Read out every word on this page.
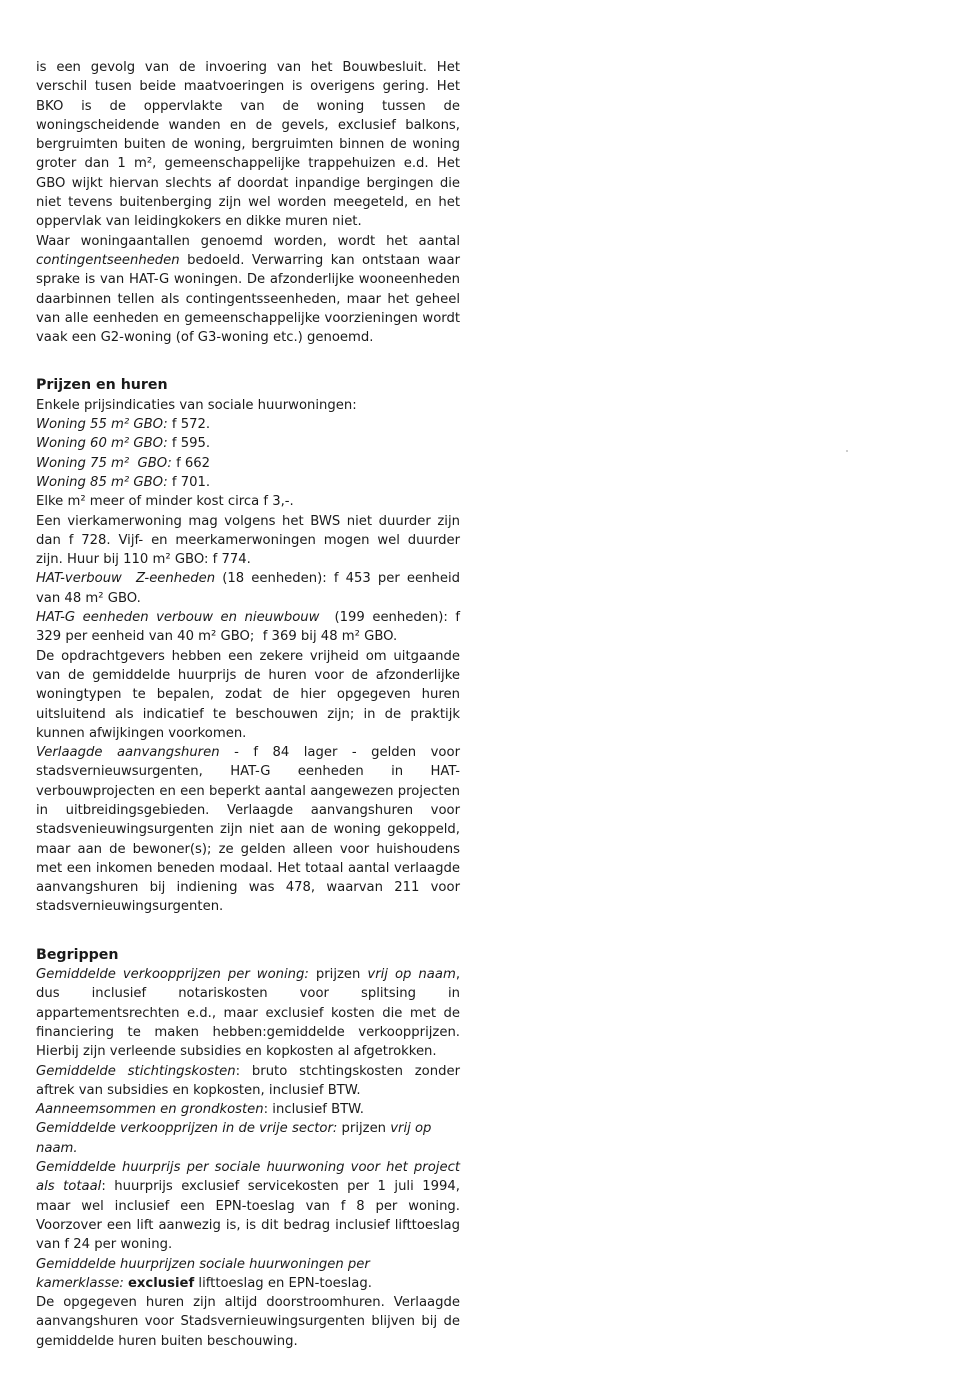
is een gevolg van de invoering van het Bouwbesluit. Het verschil tusen beide maatvoeringen is overigens gering. Het BKO is de oppervlakte van de woning tussen de woningscheidende wanden en de gevels, exclusief balkons, bergruimten buiten de woning, bergruimten binnen de woning groter dan 1 m², gemeenschappelijke trappehuizen e.d. Het GBO wijkt hiervan slechts af doordat inpandige bergingen die niet tevens buitenberging zijn wel worden meegeteld, en het oppervlak van leidingkokers en dikke muren niet.

Waar woningaantallen genoemd worden, wordt het aantal contingentseenheden bedoeld. Verwarring kan ontstaan waar sprake is van HAT-G woningen. De afzonderlijke wooneenheden daarbinnen tellen als contingentsseenheden, maar het geheel van alle eenheden en gemeenschappelijke voorzieningen wordt vaak een G2-woning (of G3-woning etc.) genoemd.

Prijzen en huren

Enkele prijsindicaties van sociale huurwoningen:

Woning 55 m² GBO: f 572.

Woning 60 m² GBO: f 595.

Woning 75 m²  GBO: f 662

Woning 85 m² GBO: f 701.

Elke m² meer of minder kost circa f 3,-.

Een vierkamerwoning mag volgens het BWS niet duurder zijn dan f 728. Vijf- en meerkamerwoningen mogen wel duurder zijn. Huur bij 110 m² GBO: f 774.

HAT-verbouw  Z-eenheden (18 eenheden): f 453 per eenheid van 48 m² GBO.

HAT-G eenheden verbouw en nieuwbouw  (199 eenheden): f 329 per eenheid van 40 m² GBO;  f 369 bij 48 m² GBO.

De opdrachtgevers hebben een zekere vrijheid om uitgaande van de gemiddelde huurprijs de huren voor de afzonderlijke woningtypen te bepalen, zodat de hier opgegeven huren uitsluitend als indicatief te beschouwen zijn; in de praktijk kunnen afwijkingen voorkomen.

Verlaagde aanvangshuren - f 84 lager - gelden voor stadsvernieuwsurgenten, HAT-G eenheden in HAT-verbouwprojecten en een beperkt aantal aangewezen projecten in uitbreidingsgebieden. Verlaagde aanvangshuren voor stadsvenieuwingsurgenten zijn niet aan de woning gekoppeld, maar aan de bewoner(s); ze gelden alleen voor huishoudens met een inkomen beneden modaal. Het totaal aantal verlaagde aanvangshuren bij indiening was 478, waarvan 211 voor stadsvernieuwingsurgenten.

Begrippen

Gemiddelde verkoopprijzen per woning: prijzen vrij op naam, dus inclusief notariskosten voor splitsing in appartementsrechten e.d., maar exclusief kosten die met de financiering te maken hebben:gemiddelde verkoopprijzen. Hierbij zijn verleende subsidies en kopkosten al afgetrokken.

Gemiddelde stichtingskosten: bruto stchtingskosten zonder aftrek van subsidies en kopkosten, inclusief BTW.

Aanneemsommen en grondkosten: inclusief BTW.

Gemiddelde verkoopprijzen in de vrije sector: prijzen vrij op naam.

Gemiddelde huurprijs per sociale huurwoning voor het project als totaal: huurprijs exclusief servicekosten per 1 juli 1994, maar wel inclusief een EPN-toeslag van f 8 per woning. Voorzover een lift aanwezig is, is dit bedrag inclusief lifttoeslag van f 24 per woning.

Gemiddelde huurprijzen sociale huurwoningen per kamerklasse: exclusief lifttoeslag en EPN-toeslag.

De opgegeven huren zijn altijd doorstroomhuren. Verlaagde aanvangshuren voor Stadsvernieuwingsurgenten blijven bij de gemiddelde huren buiten beschouwing.
